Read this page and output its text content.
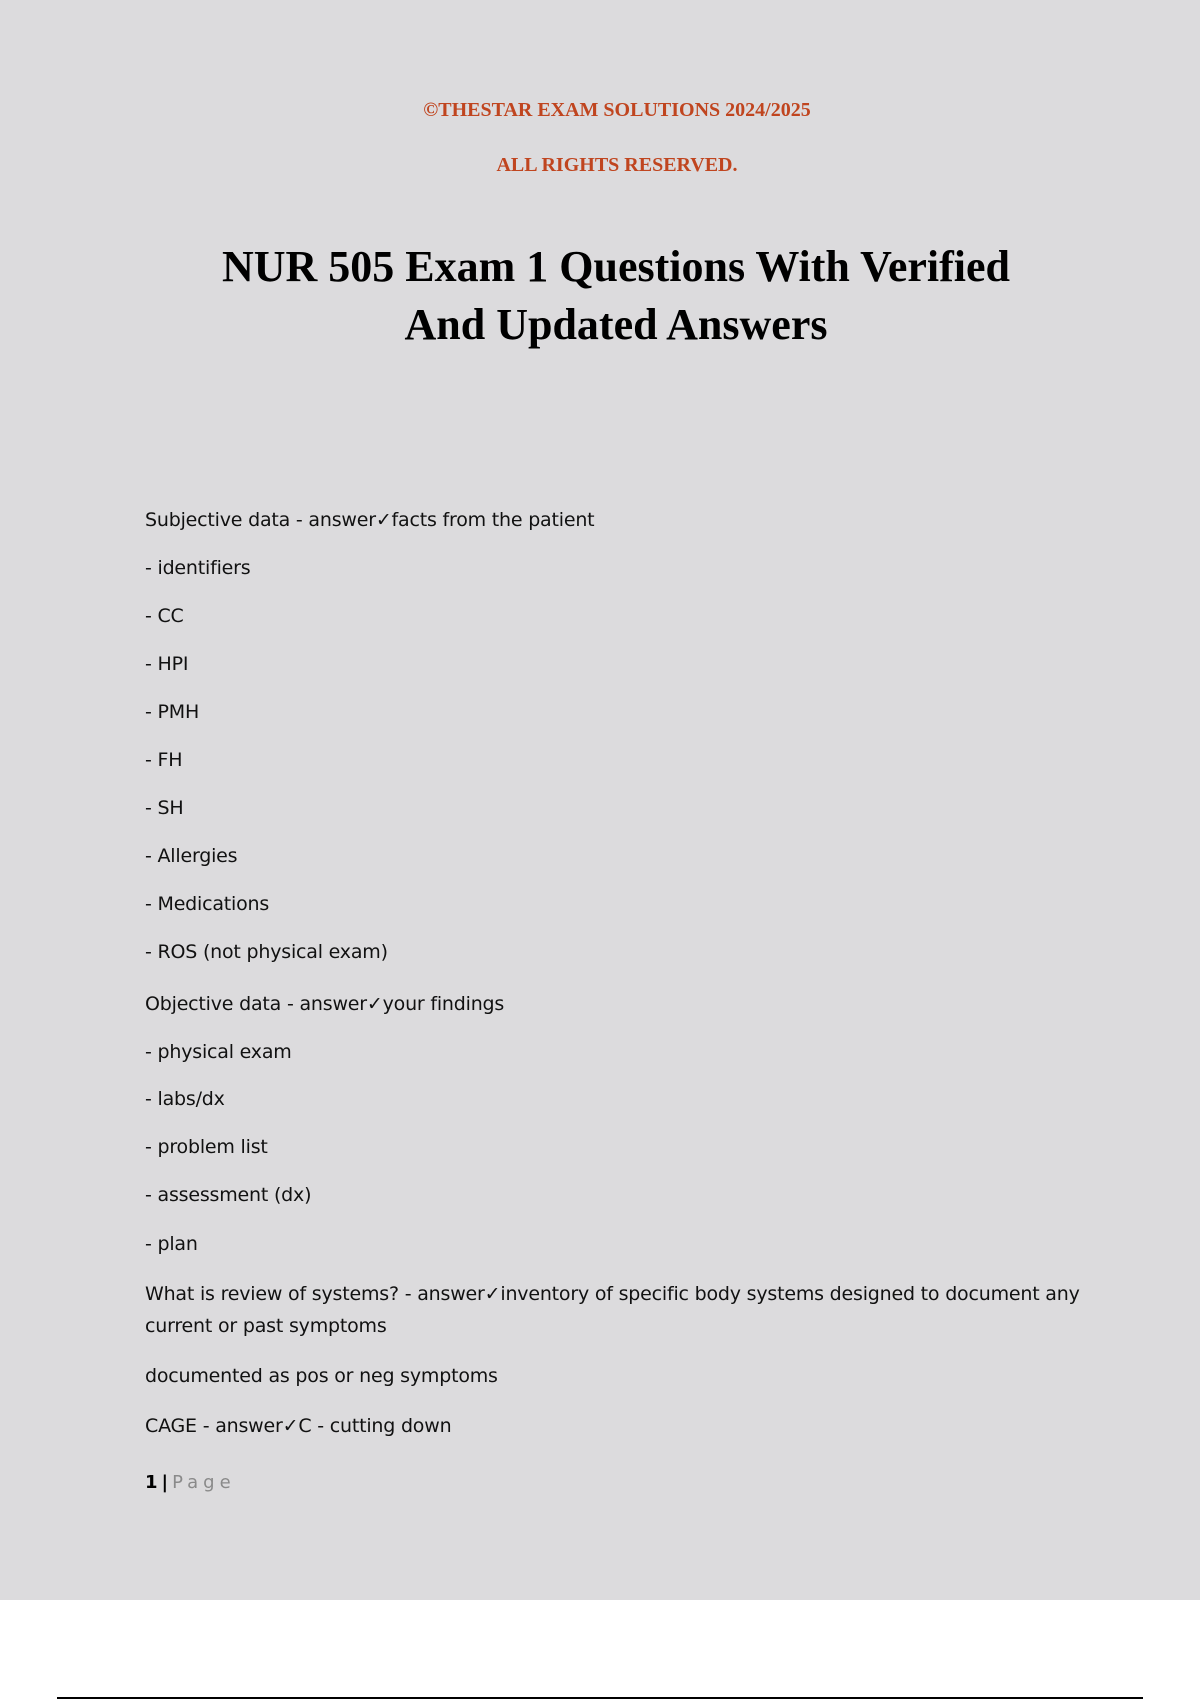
©THESTAR EXAM SOLUTIONS 2024/2025
ALL RIGHTS RESERVED.
NUR 505 Exam 1 Questions With Verified
And Updated Answers
Subjective data - answer✓facts from the patient
- identifiers
- CC
- HPI
- PMH
- FH
- SH
- Allergies
- Medications
- ROS (not physical exam)
Objective data - answer✓your findings
- physical exam
- labs/dx
- problem list
- assessment (dx)
- plan
What is review of systems? - answer✓inventory of specific body systems designed to document any current or past symptoms
documented as pos or neg symptoms
CAGE - answer✓C - cutting down
1 | Page
